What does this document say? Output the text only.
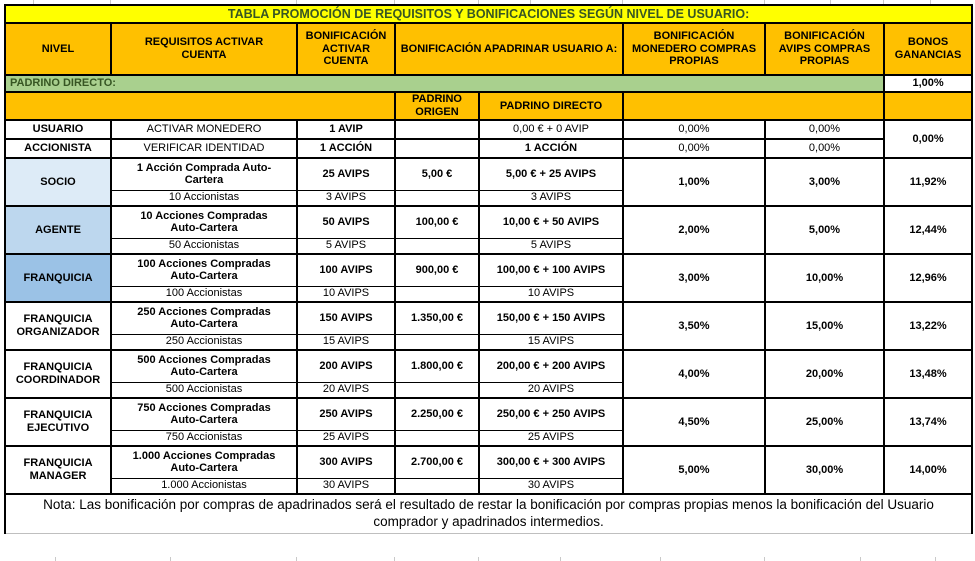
TABLA PROMOCIÓN DE REQUISITOS Y BONIFICACIONES SEGÚN NIVEL DE USUARIO:							
NIVEL	REQUISITOS ACTIVAR CUENTA	BONIFICACIÓN ACTIVAR CUENTA	BONIFICACIÓN APADRINAR USUARIO A:		BONIFICACIÓN MONEDERO COMPRAS PROPIAS	BONIFICACIÓN AVIPS COMPRAS PROPIAS	BONOS GANANCIAS
PADRINO DIRECTO:							1,00%
			PADRINO ORIGEN	PADRINO DIRECTO			
USUARIO	ACTIVAR MONEDERO	1 AVIP		0,00 € + 0 AVIP	0,00%	0,00%	0,00%
ACCIONISTA	VERIFICAR IDENTIDAD	1 ACCIÓN		1 ACCIÓN	0,00%	0,00%	
SOCIO	1 Acción Comprada Auto-Cartera	25 AVIPS	5,00 €	5,00 € + 25 AVIPS	1,00%	3,00%	11,92%
	10 Accionistas	3 AVIPS		3 AVIPS			
AGENTE	10 Acciones Compradas Auto-Cartera	50 AVIPS	100,00 €	10,00 € + 50 AVIPS	2,00%	5,00%	12,44%
	50 Accionistas	5 AVIPS		5 AVIPS			
FRANQUICIA	100 Acciones Compradas Auto-Cartera	100 AVIPS	900,00 €	100,00 € + 100 AVIPS	3,00%	10,00%	12,96%
	100 Accionistas	10 AVIPS		10 AVIPS			
FRANQUICIA ORGANIZADOR	250 Acciones Compradas Auto-Cartera	150 AVIPS	1.350,00 €	150,00 € + 150 AVIPS	3,50%	15,00%	13,22%
	250 Accionistas	15 AVIPS		15 AVIPS			
FRANQUICIA COORDINADOR	500 Acciones Compradas Auto-Cartera	200 AVIPS	1.800,00 €	200,00 € + 200 AVIPS	4,00%	20,00%	13,48%
	500 Accionistas	20 AVIPS		20 AVIPS			
FRANQUICIA EJECUTIVO	750 Acciones Compradas Auto-Cartera	250 AVIPS	2.250,00 €	250,00 € + 250 AVIPS	4,50%	25,00%	13,74%
	750 Accionistas	25 AVIPS		25 AVIPS			
FRANQUICIA MANAGER	1.000 Acciones Compradas Auto-Cartera	300 AVIPS	2.700,00 €	300,00 € + 300 AVIPS	5,00%	30,00%	14,00%
	1.000 Accionistas	30 AVIPS		30 AVIPS			
Nota: Las bonificación por compras de apadrinados será el resultado de restar la bonificación por compras propias menos la bonificación del Usuario comprador y apadrinados intermedios.							
